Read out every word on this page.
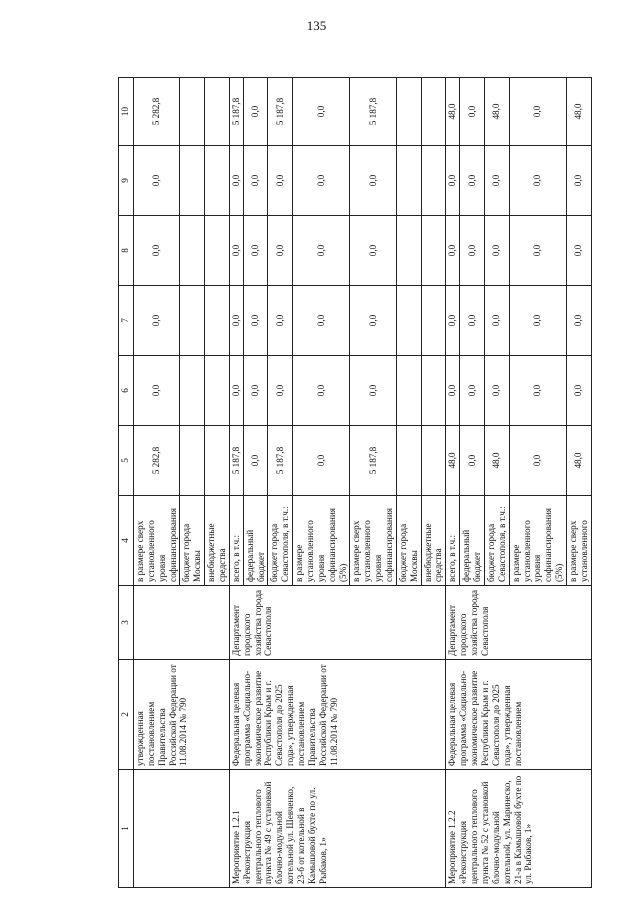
135
1	2	3	4	5	6	7	8	9	10
	утвержденная постановлением Правительства Российской Федерации от 11.08.2014 № 790		в размере сверх установленного уровня софинансирования	5 282,8	0,0	0,0	0,0	0,0	5 282,8
			бюджет города Москвы						
			внебюджетные средства						
Мероприятие 1.2.1 «Реконструкция центрального теплового пункта № 49 с установкой блочно-модульной котельной ул. Шевченко, 23-б от котельной в Камышовой бухте по ул. Рыбаков, 1»	Федеральная целевая программа «Социально-экономическое развитие Республики Крым и г. Севастополя до 2025 года», утвержденная постановлением Правительства Российской Федерации от 11.08.2014 № 790	Департамент городского хозяйства города Севастополя	всего, в т.ч.:	5 187,8	0,0	0,0	0,0	0,0	5 187,8
			федеральный бюджет	0,0	0,0	0,0	0,0	0,0	0,0
			бюджет города Севастополя, в т.ч.:	5 187,8	0,0	0,0	0,0	0,0	5 187,8
			в размере установленного уровня софинансирования (5%)	0,0	0,0	0,0	0,0	0,0	0,0
			в размере сверх установленного уровня софинансирования	5 187,8	0,0	0,0	0,0	0,0	5 187,8
			бюджет города Москвы						
			внебюджетные средства						
Мероприятие 1.2.2 «Реконструкция центрального теплового пункта № 52 с установкой блочно-модульной котельной, ул. Маринеско, 21-а в Камышовой бухте по ул. Рыбаков, 1»	Федеральная целевая программа «Социально-экономическое развитие Республики Крым и г. Севастополя до 2025 года», утвержденная постановлением	Департамент городского хозяйства города Севастополя	всего, в т.ч.:	48,0	0,0	0,0	0,0	0,0	48,0
			федеральный бюджет	0,0	0,0	0,0	0,0	0,0	0,0
			бюджет города Севастополя, в т.ч.:	48,0	0,0	0,0	0,0	0,0	48,0
			в размере установленного уровня софинансирования (5%)	0,0	0,0	0,0	0,0	0,0	0,0
			в размере сверх установленного	48,0	0,0	0,0	0,0	0,0	48,0
